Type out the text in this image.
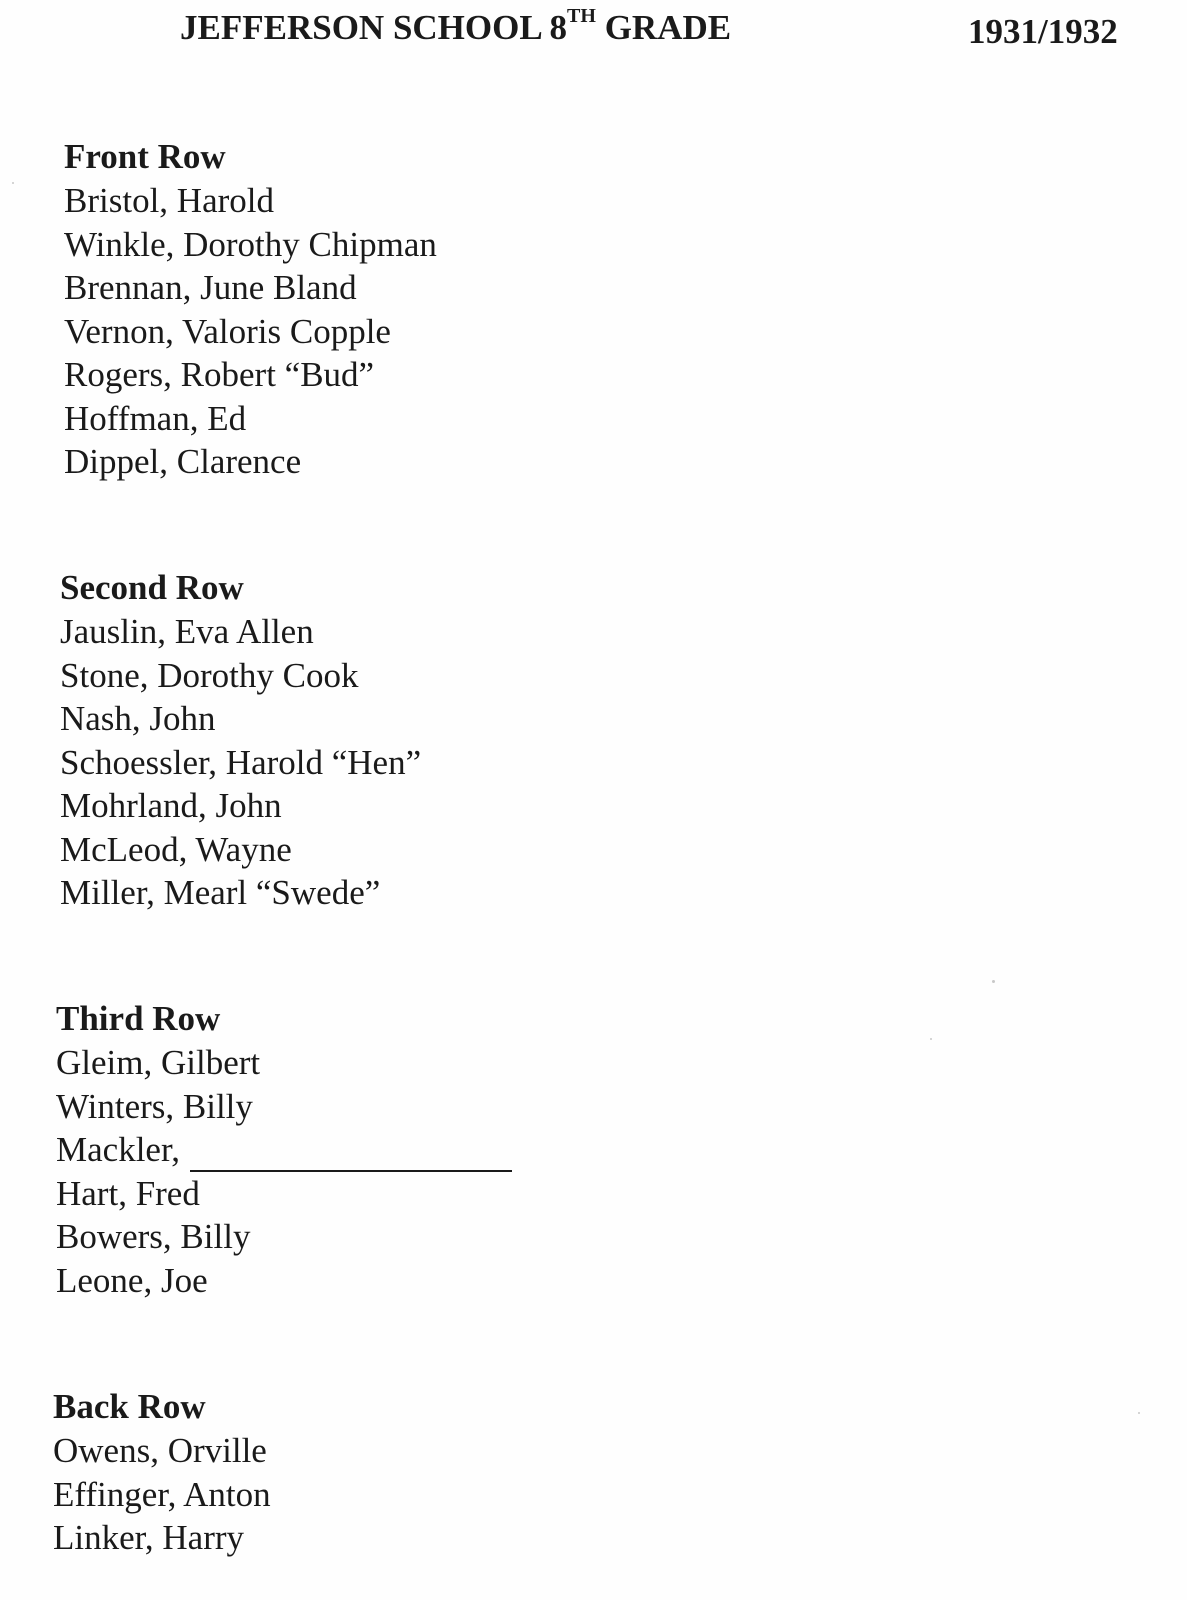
JEFFERSON SCHOOL 8TH GRADE	1931/1932
Front Row
Bristol, Harold
Winkle, Dorothy Chipman
Brennan, June Bland
Vernon, Valoris Copple
Rogers, Robert “Bud”
Hoffman, Ed
Dippel, Clarence
Second Row
Jauslin, Eva Allen
Stone, Dorothy Cook
Nash, John
Schoessler, Harold “Hen”
Mohrland, John
McLeod, Wayne
Miller, Mearl “Swede”
Third Row
Gleim, Gilbert
Winters, Billy
Mackler,
Hart, Fred
Bowers, Billy
Leone, Joe
Back Row
Owens, Orville
Effinger, Anton
Linker, Harry
